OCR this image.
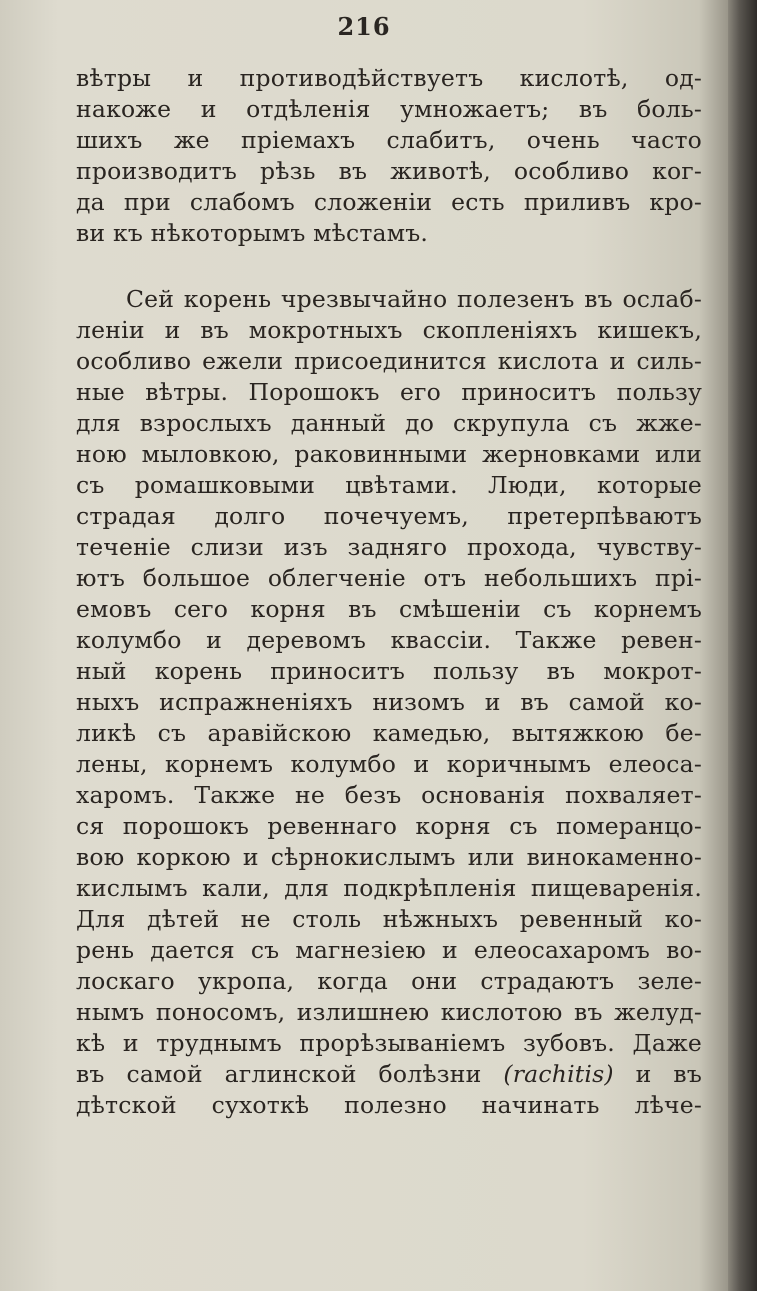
216
вѣтры и противодѣйствуетъ кислотѣ, од-
накоже и отдѣленія умножаетъ; въ боль-
шихъ же пріемахъ слабитъ, очень часто
производитъ рѣзь въ животѣ, особливо ког-
да при слабомъ сложеніи есть приливъ кро-
ви къ нѣкоторымъ мѣстамъ.
Сей корень чрезвычайно полезенъ въ ослаб-
леніи и въ мокротныхъ скопленіяхъ кишекъ,
особливо ежели присоединится кислота и силь-
ные вѣтры. Порошокъ его приноситъ пользу
для взрослыхъ данный до скрупула съ жже-
ною мыловкою, раковинными жерновками или
съ ромашковыми цвѣтами. Люди, которые
страдая долго почечуемъ, претерпѣваютъ
теченіе слизи изъ задняго прохода, чувству-
ютъ большое облегченіе отъ небольшихъ прі-
емовъ сего корня въ смѣшеніи съ корнемъ
колумбо и деревомъ квассіи. Также ревен-
ный корень приноситъ пользу въ мокрот-
ныхъ испражненіяхъ низомъ и въ самой ко-
ликѣ съ аравійскою камедью, вытяжкою бе-
лены, корнемъ колумбо и коричнымъ елеоса-
харомъ. Также не безъ основанія похваляет-
ся порошокъ ревеннаго корня съ померанцо-
вою коркою и сѣрнокислымъ или винокаменно-
кислымъ кали, для подкрѣпленія пищеваренія.
Для дѣтей не столь нѣжныхъ ревенный ко-
рень дается съ магнезіею и елеосахаромъ во-
лоскаго укропа, когда они страдаютъ зеле-
нымъ поносомъ, излишнею кислотою въ желуд-
кѣ и труднымъ прорѣзываніемъ зубовъ. Даже
въ самой аглинской болѣзни (rachitis) и въ
дѣтской сухоткѣ полезно начинать лѣче-
